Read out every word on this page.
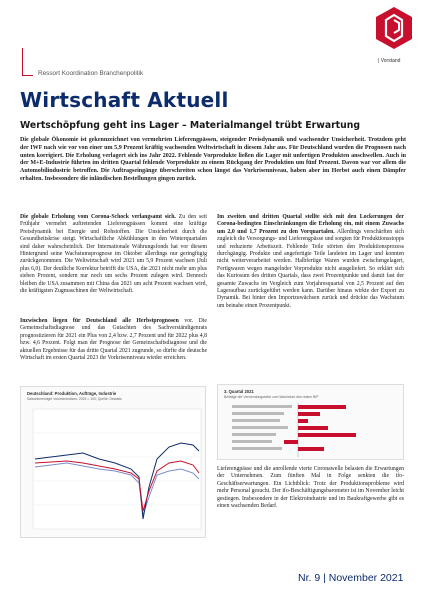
| Vorstand
Ressort Koordination Branchenpolitik
Wirtschaft Aktuell
Wertschöpfung geht ins Lager – Materialmangel trübt Erwartung
Die globale Ökonomie ist gekennzeichnet von vermehrten Lieferengpässen, steigender Preisdynamik und wachsender Unsicherheit. Trotzdem geht der IWF nach wie vor von einer um 5,9 Prozent kräftig wachsenden Weltwirtschaft in diesem Jahr aus. Für Deutschland wurden die Prognosen nach unten korrigiert. Die Erholung verlagert sich ins Jahr 2022. Fehlende Vorprodukte ließen die Lager mit unfertigen Produkten anschwellen. Auch in der M+E-Industrie führten im dritten Quartal fehlende Vorprodukte zu einem Rückgang der Produktion um fünf Prozent. Davon war vor allem die Automobilindustrie betroffen. Die Auftragseingänge überschreiten schon längst das Vorkrisenniveau, haben aber im Herbst auch einen Dämpfer erhalten. Insbesondere die inländischen Bestellungen gingen zurück.
Die globale Erholung vom Corona-Schock verlangsamt sich. Zu den seit Frühjahr vermehrt auftretenden Lieferengpässen kommt eine kräftige Preisdynamik bei Energie und Rohstoffen. Die Unsicherheit durch die Gesundheitskrise steigt. Wirtschaftliche Abkühlungen in den Winterquartalen sind daher wahrscheinlich. Der Internationale Währungsfonds hat vor diesem Hintergrund seine Wachstumsprognose im Oktober allerdings nur geringfügig zurückgenommen. Die Weltwirtschaft wird 2021 um 5,9 Prozent wachsen (Juli plus 6,0). Der deutliche Korrektur betrifft die USA, die 2021 nicht mehr um plus sieben Prozent, sondern nur noch um sechs Prozent zulegen wird. Dennoch bleiben die USA zusammen mit China das 2021 um acht Prozent wachsen wird, die kräftigsten Zugmaschinen der Weltwirtschaft.
Inzwischen liegen für Deutschland alle Herbstprognosen vor. Die Gemeinschaftsdiagnose und das Gutachten des Sachverständigenrats prognostizieren für 2021 ein Plus von 2,4 bzw. 2,7 Prozent und für 2022 plus 4,8 bzw. 4,6 Prozent. Folgt man der Prognose der Gemeinschaftsdiagnose und die aktuellen Ergebnisse für das dritte Quartal 2021 zugrunde, so dürfte die deutsche Wirtschaft im ersten Quartal 2023 ihr Vorkrisenniveau wieder erreichen.
Deutschland: Produktion, Aufträge, Industrie
Saisonbereinigte Volumenindizes, 2015 = 100; Quelle: Destatis
Im zweiten und dritten Quartal stellte sich mit den Lockerungen der Corona-bedingten Einschränkungen die Erholung ein, mit einem Zuwachs um 2,0 und 1,7 Prozent zu den Vorquartalen. Allerdings verschärften sich zugleich die Versorgungs- und Lieferengpässe und sorgten für Produktionsstopps und reduzierte Arbeitszeit. Fehlende Teile störten den Produktionsprozess durchgängig. Produkte und angefertigte Teile landeten im Lager und konnten nicht weiterverarbeitet werden. Halbfertige Waren wurden zwischengelagert, Fertigwaren wegen mangelnder Vorprodukte nicht ausgeliefert. So erklärt sich das Kuriosum des dritten Quartals, dass zwei Prozentpunkte und damit fast der gesamte Zuwachs im Vergleich zum Vorjahresquartal von 2,5 Prozent auf den Lageraufbau zurückgeführt werden kann. Darüber hinaus wirkte der Export zu Dynamik. Bei hinter den Importzuwächsen zurück und drückte das Wachstum um beinahe einen Prozentpunkt.
3. Quartal 2021
Beiträge der Verwendungsseite zum Wachstum des realen BIP
Lieferengpässe und die anrollende vierte Coronawelle belasten die Erwartungen der Unternehmen. Zum fünften Mal in Folge senkten die ifo-Geschäftserwartungen. Ein Lichtblick: Trotz der Produktionsprobleme wird mehr Personal gesucht. Der ifo-Beschäftigungsbarometer ist im November leicht gestiegen. Insbesondere in der Elektroindustrie und im Baukraftgewerbe gibt es einen wachsenden Bedarf.
Nr. 9 | November 2021
